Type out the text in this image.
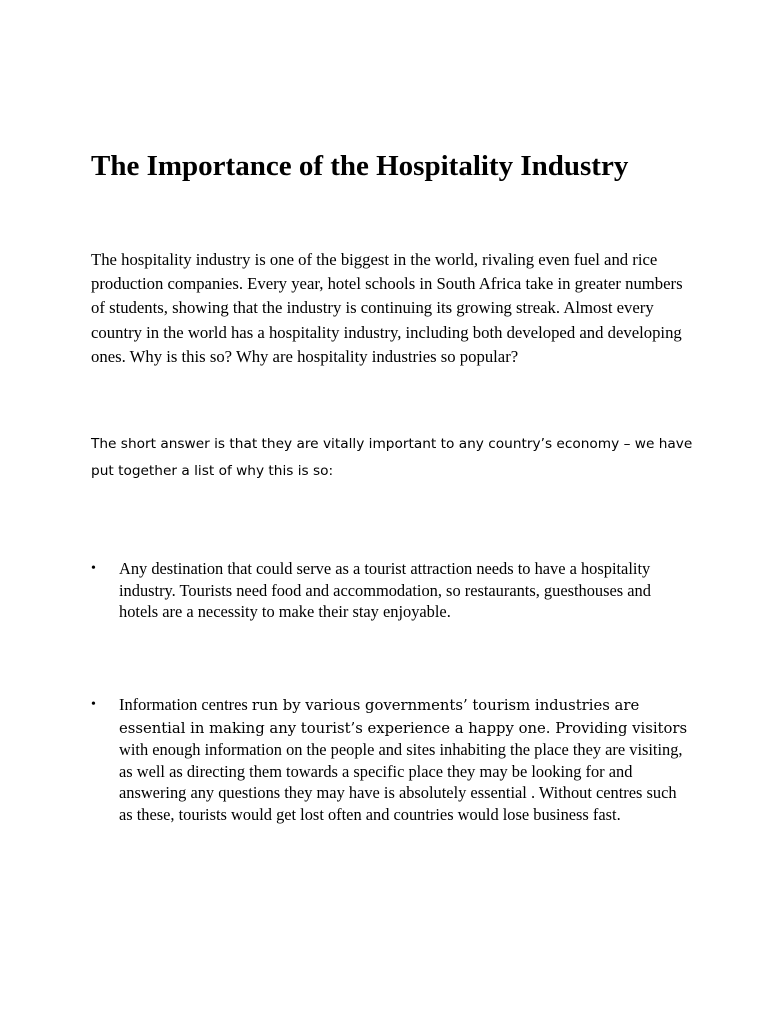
The Importance of the Hospitality Industry

The hospitality industry is one of the biggest in the world, rivaling even fuel and rice production companies. Every year, hotel schools in South Africa take in greater numbers of students, showing that the industry is continuing its growing streak. Almost every country in the world has a hospitality industry, including both developed and developing ones. Why is this so? Why are hospitality industries so popular?

The short answer is that they are vitally important to any country’s economy – we have put together a list of why this is so:

•	Any destination that could serve as a tourist attraction needs to have a hospitality industry. Tourists need food and accommodation, so restaurants, guesthouses and hotels are a necessity to make their stay enjoyable.
•	Information centres run by various governments’ tourism industries are essential in making any tourist’s experience a happy one. Providing visitors with enough information on the people and sites inhabiting the place they are visiting, as well as directing them towards a specific place they may be looking for and answering any questions they may have is absolutely essential . Without centres such as these, tourists would get lost often and countries would lose business fast.
